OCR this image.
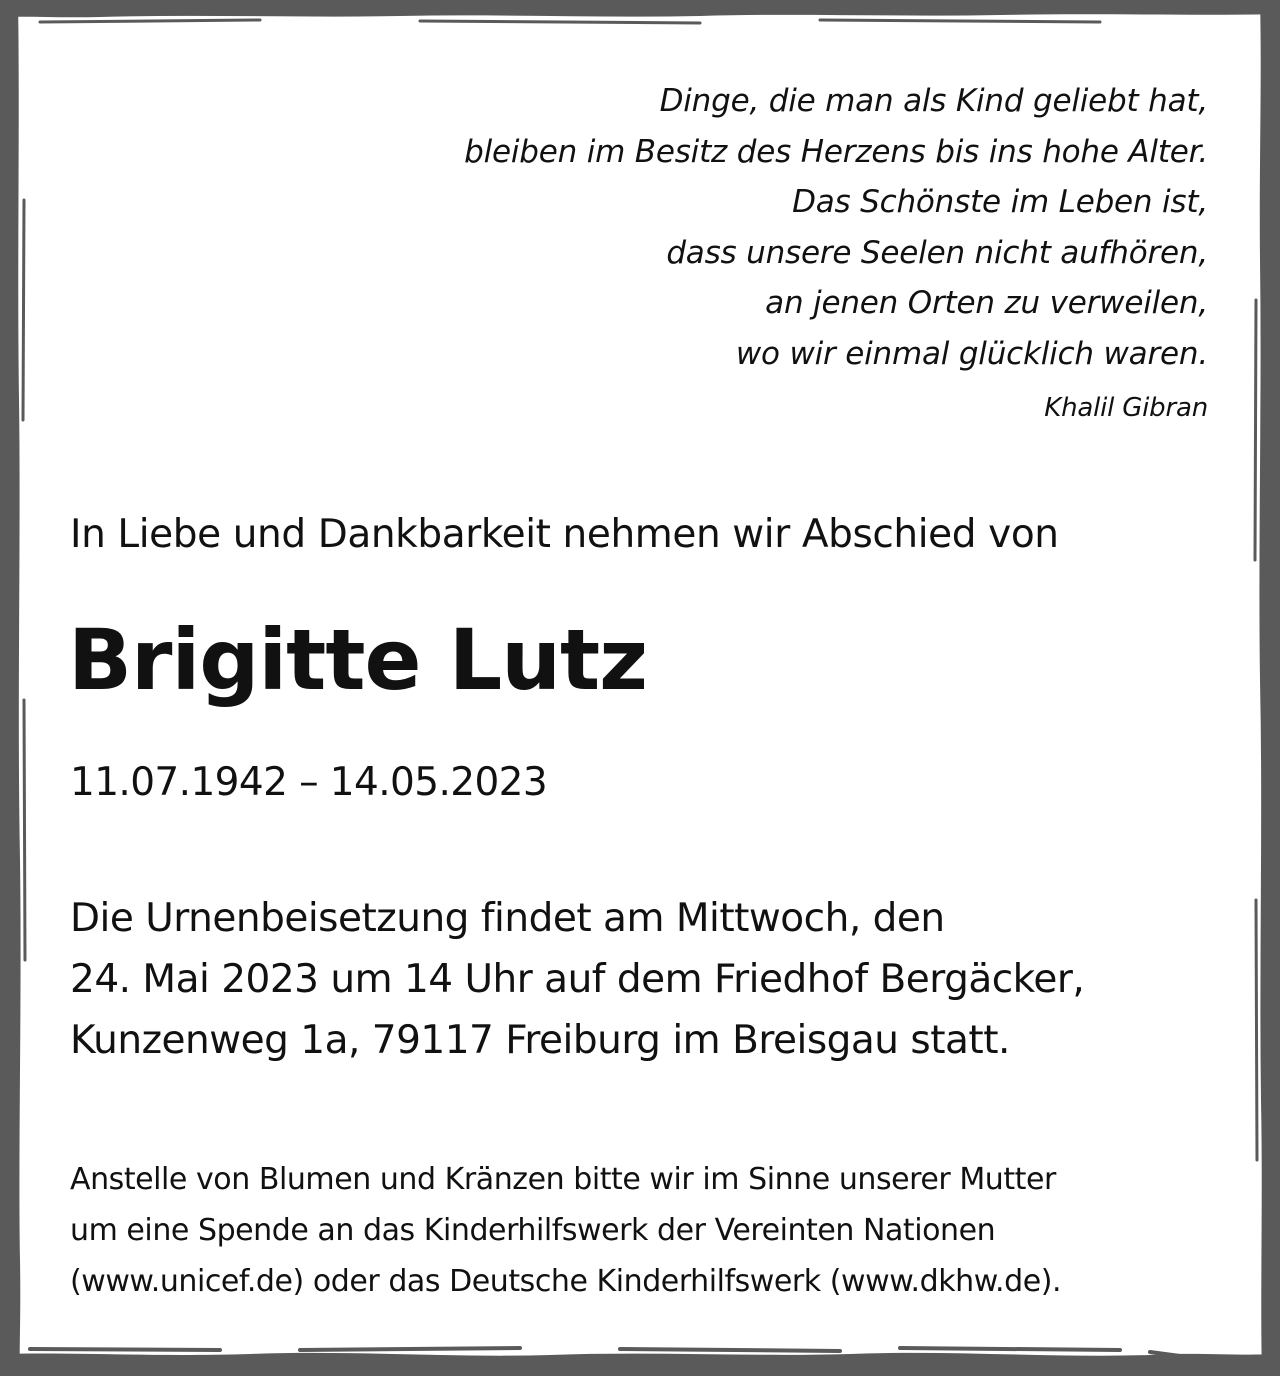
Dinge, die man als Kind geliebt hat,
bleiben im Besitz des Herzens bis ins hohe Alter.
Das Schönste im Leben ist,
dass unsere Seelen nicht aufhören,
an jenen Orten zu verweilen,
wo wir einmal glücklich waren.
Khalil Gibran
In Liebe und Dankbarkeit nehmen wir Abschied von
Brigitte Lutz
11.07.1942 – 14.05.2023
Die Urnenbeisetzung findet am Mittwoch, den
24. Mai 2023 um 14 Uhr auf dem Friedhof Bergäcker,
Kunzenweg 1a, 79117 Freiburg im Breisgau statt.
Anstelle von Blumen und Kränzen bitte wir im Sinne unserer Mutter
um eine Spende an das Kinderhilfswerk der Vereinten Nationen
(www.unicef.de) oder das Deutsche Kinderhilfswerk (www.dkhw.de).
